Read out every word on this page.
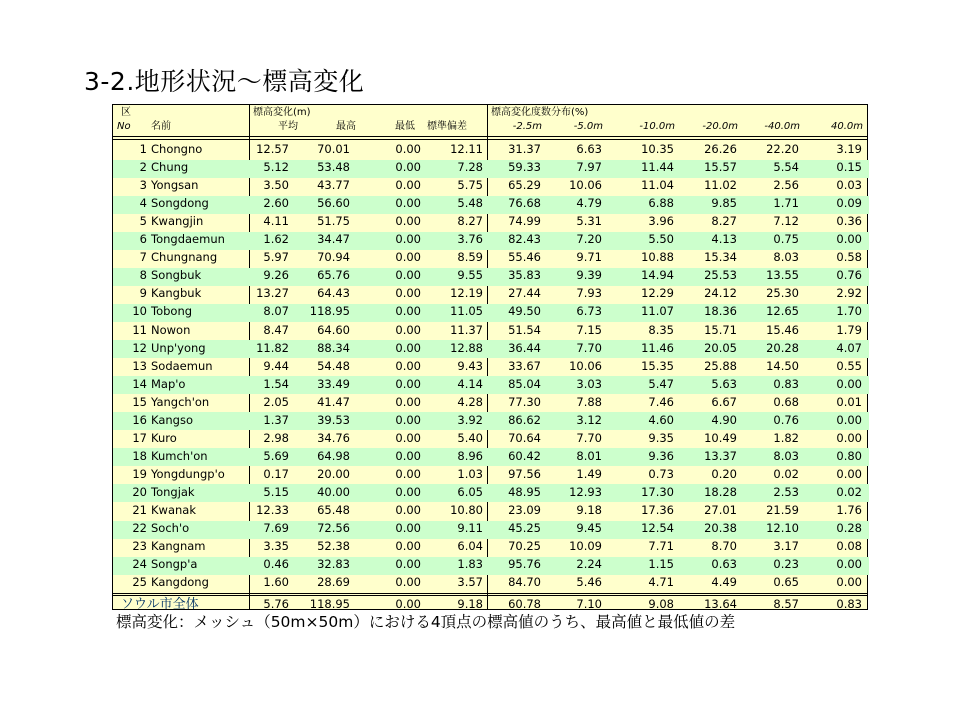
3-2.地形状況～標高変化
区
No 名前
標高変化(m)
平均	最高	最低 標準偏差
標高変化度数分布(%)
-2.5m	-5.0m	-10.0m	-20.0m	-40.0m	40.0m
1 Chongno	12.57 70.01	0.00	12.11 31.37	6.63	10.35	26.26	22.20	3.19
2 Chung	5.12 53.48	0.00	7.28 59.33	7.97	11.44	15.57	5.54	0.15
3 Yongsan	3.50 43.77	0.00	5.75 65.29 10.06	11.04	11.02	2.56	0.03
4 Songdong	2.60 56.60	0.00	5.48 76.68	4.79	6.88	9.85	1.71	0.09
5 Kwangjin	4.11 51.75	0.00	8.27 74.99	5.31	3.96	8.27	7.12	0.36
6 Tongdaemun	1.62 34.47	0.00	3.76 82.43	7.20	5.50	4.13	0.75	0.00
7 Chungnang	5.97 70.94	0.00	8.59 55.46	9.71	10.88	15.34	8.03	0.58
8 Songbuk	9.26 65.76	0.00	9.55 35.83	9.39	14.94	25.53	13.55	0.76
9 Kangbuk	13.27 64.43	0.00	12.19 27.44	7.93	12.29	24.12	25.30	2.92
10 Tobong	8.07 118.95	0.00	11.05 49.50	6.73	11.07	18.36	12.65	1.70
11 Nowon	8.47 64.60	0.00	11.37 51.54	7.15	8.35	15.71	15.46	1.79
12 Unp'yong	11.82 88.34	0.00	12.88 36.44	7.70	11.46	20.05	20.28	4.07
13 Sodaemun	9.44 54.48	0.00	9.43 33.67 10.06	15.35	25.88	14.50	0.55
14 Map'o	1.54 33.49	0.00	4.14 85.04	3.03	5.47	5.63	0.83	0.00
15 Yangch'on	2.05 41.47	0.00	4.28 77.30	7.88	7.46	6.67	0.68	0.01
16 Kangso	1.37 39.53	0.00	3.92 86.62	3.12	4.60	4.90	0.76	0.00
17 Kuro	2.98 34.76	0.00	5.40 70.64	7.70	9.35	10.49	1.82	0.00
18 Kumch'on	5.69 64.98	0.00	8.96 60.42	8.01	9.36	13.37	8.03	0.80
19 Yongdungp'o	0.17 20.00	0.00	1.03 97.56	1.49	0.73	0.20	0.02	0.00
20 Tongjak	5.15 40.00	0.00	6.05 48.95 12.93	17.30	18.28	2.53	0.02
21 Kwanak	12.33 65.48	0.00	10.80 23.09	9.18	17.36	27.01	21.59	1.76
22 Soch'o	7.69 72.56	0.00	9.11 45.25	9.45	12.54	20.38	12.10	0.28
23 Kangnam	3.35 52.38	0.00	6.04 70.25 10.09	7.71	8.70	3.17	0.08
24 Songp'a	0.46 32.83	0.00	1.83 95.76	2.24	1.15	0.63	0.23	0.00
25 Kangdong	1.60 28.69	0.00	3.57 84.70	5.46	4.71	4.49	0.65	0.00
ソウル市全体	5.76 118.95	0.00	9.18 60.78	7.10	9.08	13.64	8.57	0.83
標高変化：メッシュ（50m×50m）における4頂点の標高値のうち、最高値と最低値の差
